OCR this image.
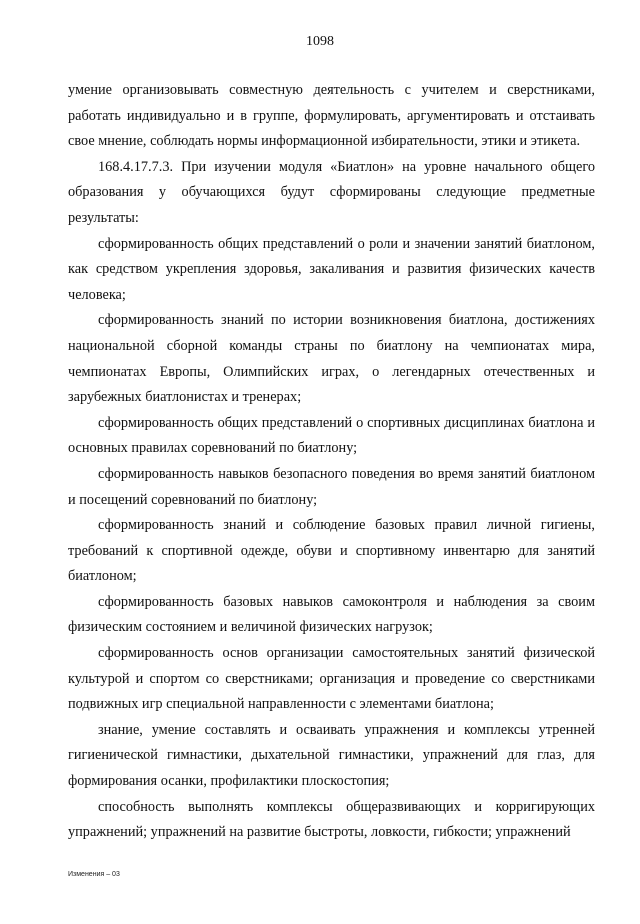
1098

умение организовывать совместную деятельность с учителем и сверстниками, работать индивидуально и в группе, формулировать, аргументировать и отстаивать свое мнение, соблюдать нормы информационной избирательности, этики и этикета.

168.4.17.7.3. При изучении модуля «Биатлон» на уровне начального общего образования у обучающихся будут сформированы следующие предметные результаты:

сформированность общих представлений о роли и значении занятий биатлоном, как средством укрепления здоровья, закаливания и развития физических качеств человека;

сформированность знаний по истории возникновения биатлона, достижениях национальной сборной команды страны по биатлону на чемпионатах мира, чемпионатах Европы, Олимпийских играх, о легендарных отечественных и зарубежных биатлонистах и тренерах;

сформированность общих представлений о спортивных дисциплинах биатлона и основных правилах соревнований по биатлону;

сформированность навыков безопасного поведения во время занятий биатлоном и посещений соревнований по биатлону;

сформированность знаний и соблюдение базовых правил личной гигиены, требований к спортивной одежде, обуви и спортивному инвентарю для занятий биатлоном;

сформированность базовых навыков самоконтроля и наблюдения за своим физическим состоянием и величиной физических нагрузок;

сформированность основ организации самостоятельных занятий физической культурой и спортом со сверстниками; организация и проведение со сверстниками подвижных игр специальной направленности с элементами биатлона;

знание, умение составлять и осваивать упражнения и комплексы утренней гигиенической гимнастики, дыхательной гимнастики, упражнений для глаз, для формирования осанки, профилактики плоскостопия;

способность выполнять комплексы общеразвивающих и корригирующих упражнений; упражнений на развитие быстроты, ловкости, гибкости; упражнений

Изменения – 03
